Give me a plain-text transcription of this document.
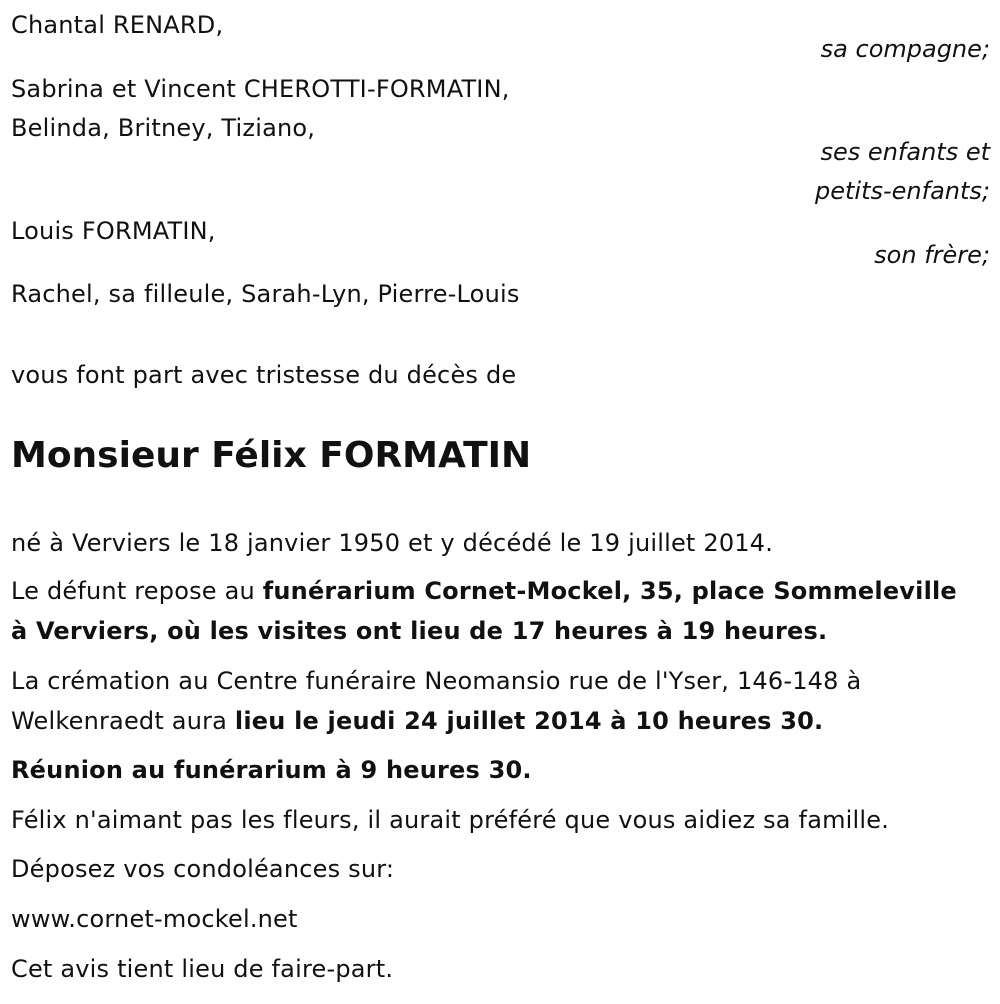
Chantal RENARD,
sa compagne;
Sabrina et Vincent CHEROTTI-FORMATIN,
Belinda, Britney, Tiziano,
ses enfants et
petits-enfants;
Louis FORMATIN,
son frère;
Rachel, sa filleule, Sarah-Lyn, Pierre-Louis
vous font part avec tristesse du décès de
Monsieur Félix FORMATIN
né à Verviers le 18 janvier 1950 et y décédé le 19 juillet 2014.
Le défunt repose au funérarium Cornet-Mockel, 35, place Sommeleville
à Verviers, où les visites ont lieu de 17 heures à 19 heures.
La crémation au Centre funéraire Neomansio rue de l'Yser, 146-148 à
Welkenraedt aura lieu le jeudi 24 juillet 2014 à 10 heures 30.
Réunion au funérarium à 9 heures 30.
Félix n'aimant pas les fleurs, il aurait préféré que vous aidiez sa famille.
Déposez vos condoléances sur:
www.cornet-mockel.net
Cet avis tient lieu de faire-part.
